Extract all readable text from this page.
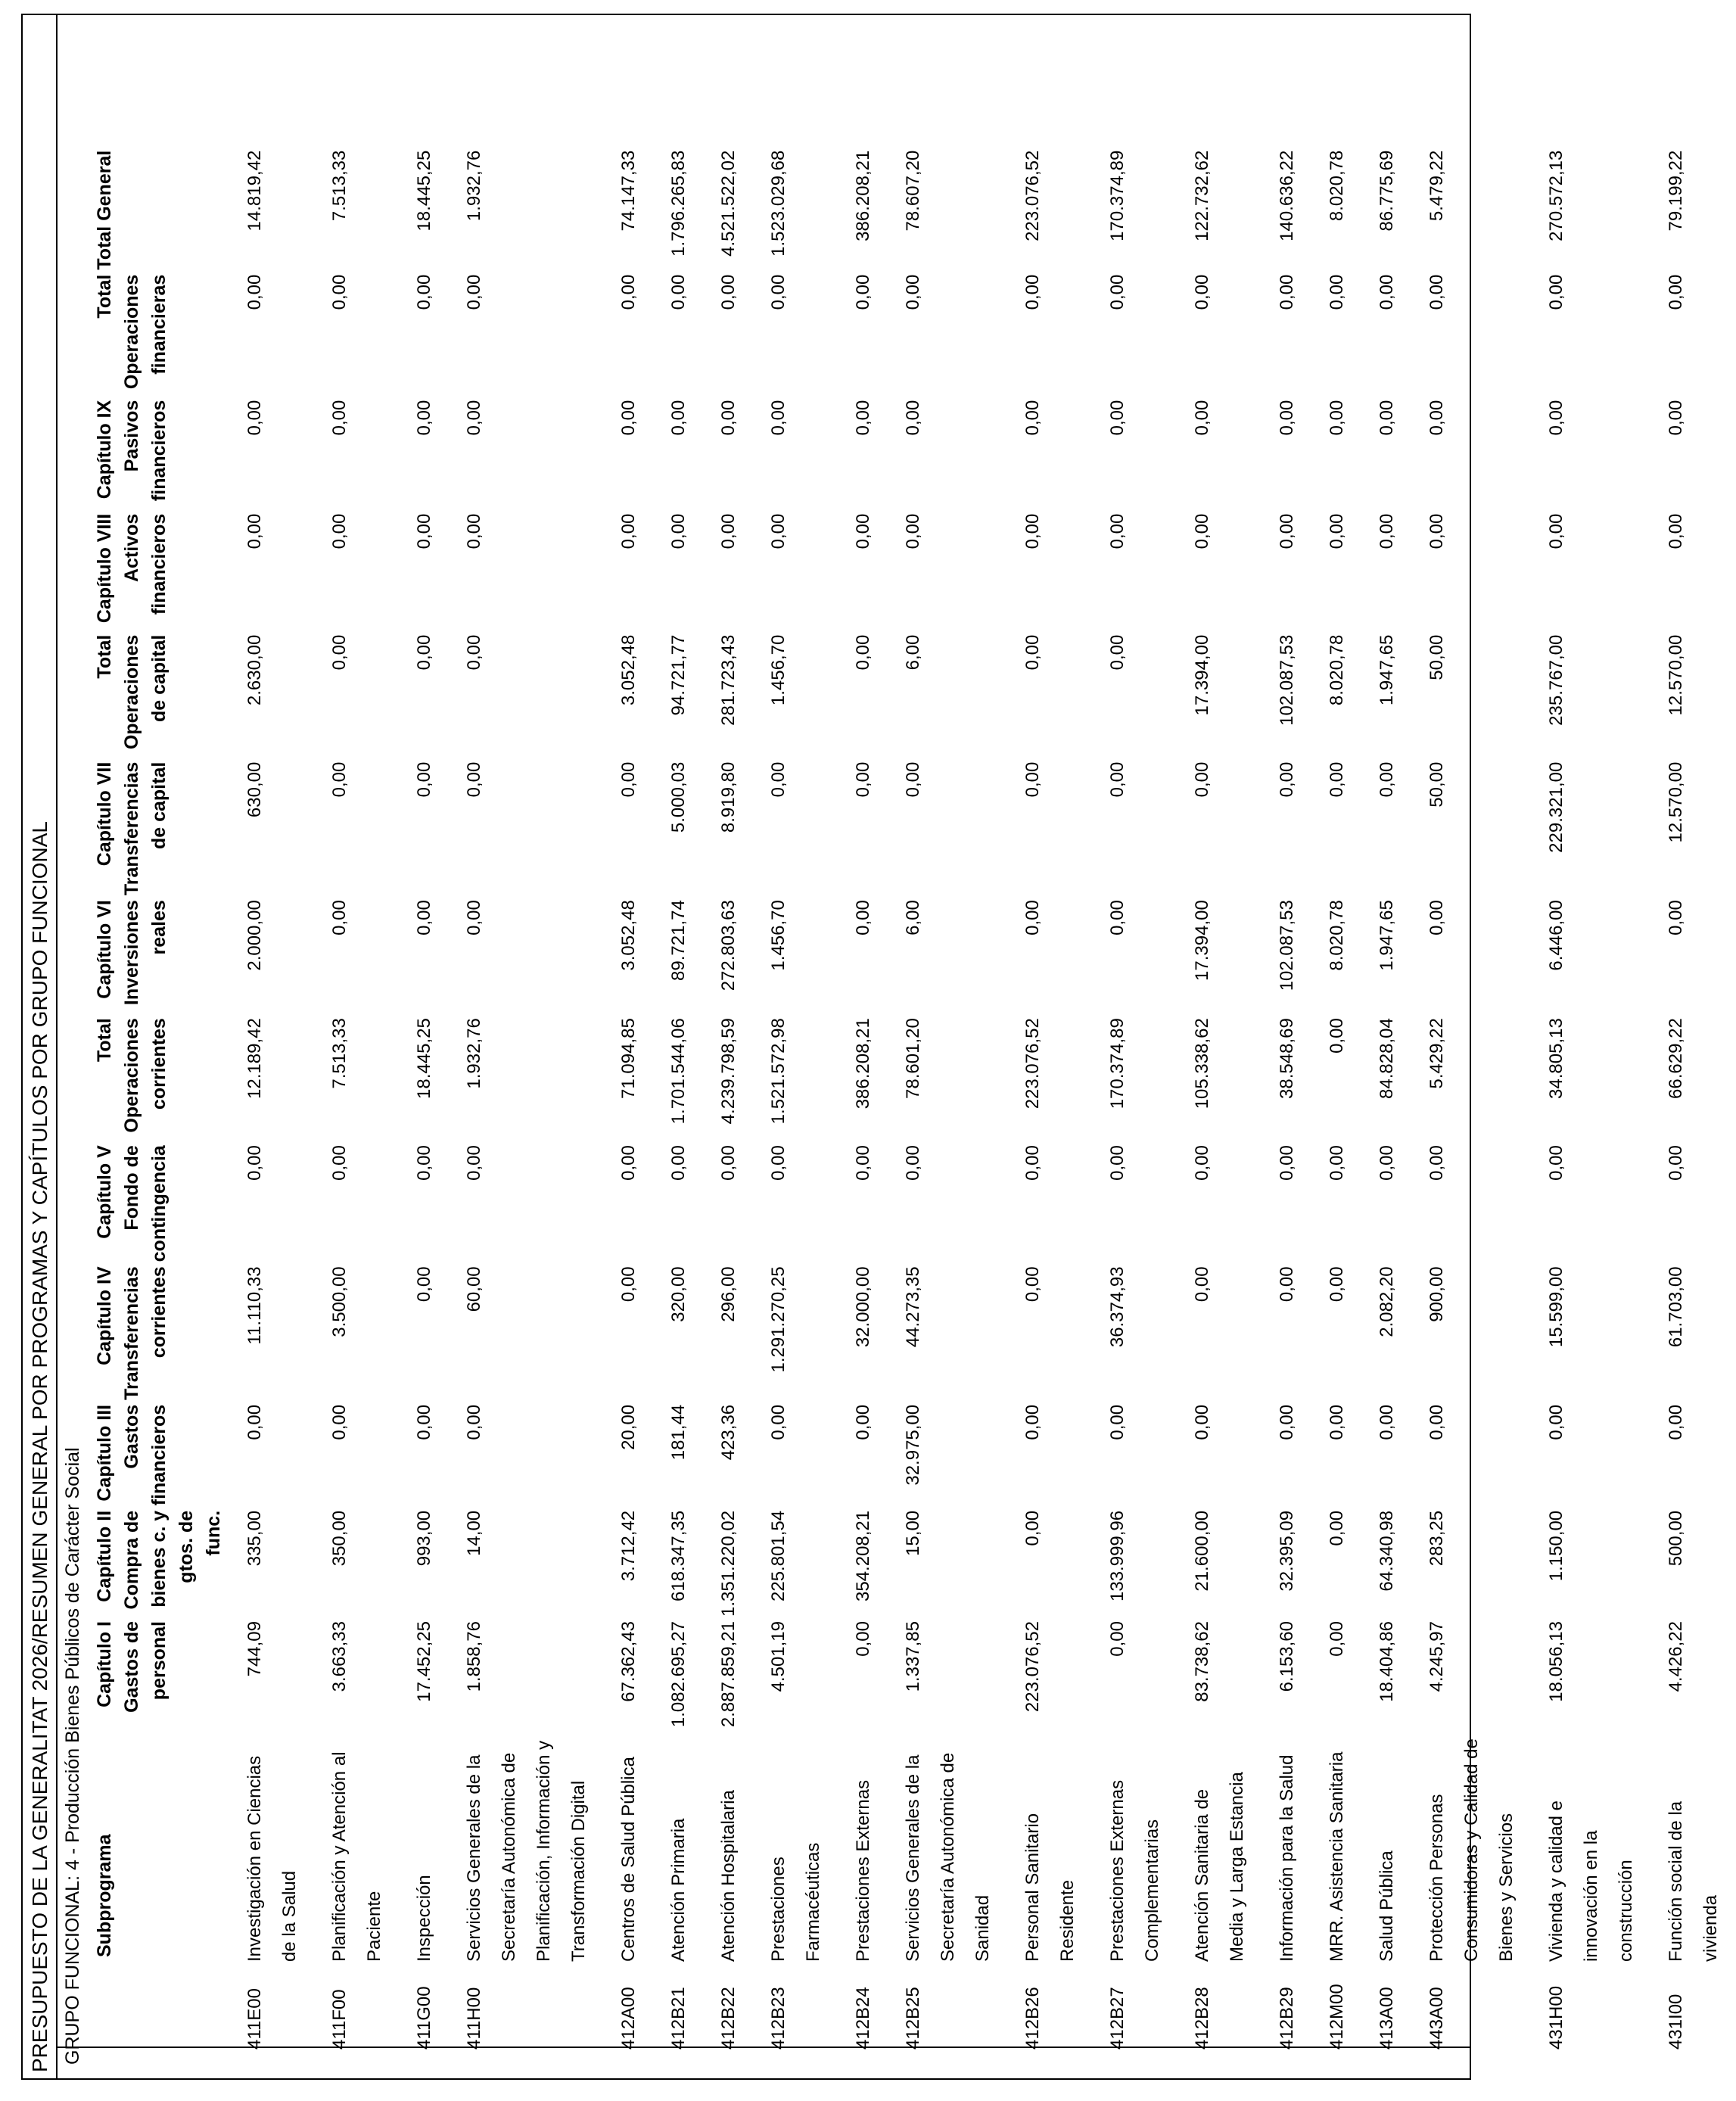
PRESUPUESTO DE LA GENERALITAT 2026/RESUMEN GENERAL POR PROGRAMAS Y CAPÍTULOS POR GRUPO FUNCIONAL GRUPO FUNCIONAL: 4 - Producción Bienes Públicos de Carácter Social
	Subprograma	Capítulo I Gastos de personal	Capítulo II Compra de bienes c. y gtos. de func.	Capítulo III Gastos financieros	Capítulo IV Transferencias corrientes	Capítulo V Fondo de contingencia	Total Operaciones corrientes	Capítulo VI Inversiones reales	Capítulo VII Transferencias de capital	Total Operaciones de capital	Capítulo VIII Activos financieros	Capítulo IX Pasivos financieros	Total Operaciones financieras	Total General
411E00	Investigación en Ciencias de la Salud	744,09	335,00	0,00	11.110,33	0,00	12.189,42	2.000,00	630,00	2.630,00	0,00	0,00	0,00	14.819,42
411F00	Planificación y Atención al Paciente	3.663,33	350,00	0,00	3.500,00	0,00	7.513,33	0,00	0,00	0,00	0,00	0,00	0,00	7.513,33
411G00	Inspección	17.452,25	993,00	0,00	0,00	0,00	18.445,25	0,00	0,00	0,00	0,00	0,00	0,00	18.445,25
411H00	Servicios Generales de la Secretaría Autonómica de Planificación, Información y Transformación Digital	1.858,76	14,00	0,00	60,00	0,00	1.932,76	0,00	0,00	0,00	0,00	0,00	0,00	1.932,76
412A00	Centros de Salud Pública	67.362,43	3.712,42	20,00	0,00	0,00	71.094,85	3.052,48	0,00	3.052,48	0,00	0,00	0,00	74.147,33
412B21	Atención Primaria	1.082.695,27	618.347,35	181,44	320,00	0,00	1.701.544,06	89.721,74	5.000,03	94.721,77	0,00	0,00	0,00	1.796.265,83
412B22	Atención Hospitalaria	2.887.859,21	1.351.220,02	423,36	296,00	0,00	4.239.798,59	272.803,63	8.919,80	281.723,43	0,00	0,00	0,00	4.521.522,02
412B23	Prestaciones Farmacéuticas	4.501,19	225.801,54	0,00	1.291.270,25	0,00	1.521.572,98	1.456,70	0,00	1.456,70	0,00	0,00	0,00	1.523.029,68
412B24	Prestaciones Externas	0,00	354.208,21	0,00	32.000,00	0,00	386.208,21	0,00	0,00	0,00	0,00	0,00	0,00	386.208,21
412B25	Servicios Generales de la Secretaría Autonómica de Sanidad	1.337,85	15,00	32.975,00	44.273,35	0,00	78.601,20	6,00	0,00	6,00	0,00	0,00	0,00	78.607,20
412B26	Personal Sanitario Residente	223.076,52	0,00	0,00	0,00	0,00	223.076,52	0,00	0,00	0,00	0,00	0,00	0,00	223.076,52
412B27	Prestaciones Externas Complementarias	0,00	133.999,96	0,00	36.374,93	0,00	170.374,89	0,00	0,00	0,00	0,00	0,00	0,00	170.374,89
412B28	Atención Sanitaria de Media y Larga Estancia	83.738,62	21.600,00	0,00	0,00	0,00	105.338,62	17.394,00	0,00	17.394,00	0,00	0,00	0,00	122.732,62
412B29	Información para la Salud	6.153,60	32.395,09	0,00	0,00	0,00	38.548,69	102.087,53	0,00	102.087,53	0,00	0,00	0,00	140.636,22
412M00	MRR. Asistencia Sanitaria	0,00	0,00	0,00	0,00	0,00	0,00	8.020,78	0,00	8.020,78	0,00	0,00	0,00	8.020,78
413A00	Salud Pública	18.404,86	64.340,98	0,00	2.082,20	0,00	84.828,04	1.947,65	0,00	1.947,65	0,00	0,00	0,00	86.775,69
443A00	Protección Personas Consumidoras y Calidad de Bienes y Servicios	4.245,97	283,25	0,00	900,00	0,00	5.429,22	0,00	50,00	50,00	0,00	0,00	0,00	5.479,22
431H00	Vivienda y calidad e innovación en la construcción	18.056,13	1.150,00	0,00	15.599,00	0,00	34.805,13	6.446,00	229.321,00	235.767,00	0,00	0,00	0,00	270.572,13
431I00	Función social de la vivienda	4.426,22	500,00	0,00	61.703,00	0,00	66.629,22	0,00	12.570,00	12.570,00	0,00	0,00	0,00	79.199,22
